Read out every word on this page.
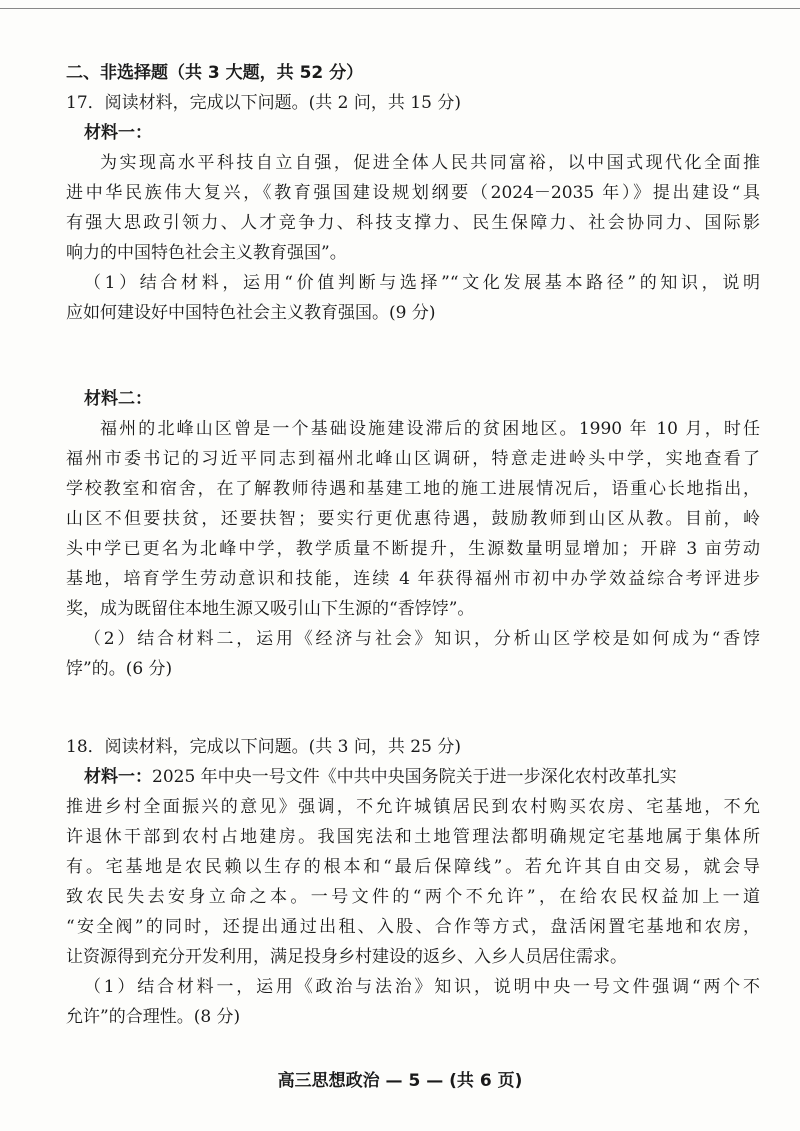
二、非选择题（共 3 大题，共 52 分）
17．阅读材料，完成以下问题。(共 2 问，共 15 分)
材料一：
为实现高水平科技自立自强，促进全体人民共同富裕，以中国式现代化全面推
进中华民族伟大复兴，《教育强国建设规划纲要（2024－2035 年）》提出建设“具
有强大思政引领力、人才竞争力、科技支撑力、民生保障力、社会协同力、国际影
响力的中国特色社会主义教育强国”。
（1）结合材料，运用“价值判断与选择”“文化发展基本路径”的知识，说明
应如何建设好中国特色社会主义教育强国。(9 分)
材料二：
福州的北峰山区曾是一个基础设施建设滞后的贫困地区。1990 年 10 月，时任
福州市委书记的习近平同志到福州北峰山区调研，特意走进岭头中学，实地查看了
学校教室和宿舍，在了解教师待遇和基建工地的施工进展情况后，语重心长地指出，
山区不但要扶贫，还要扶智；要实行更优惠待遇，鼓励教师到山区从教。目前，岭
头中学已更名为北峰中学，教学质量不断提升，生源数量明显增加；开辟 3 亩劳动
基地，培育学生劳动意识和技能，连续 4 年获得福州市初中办学效益综合考评进步
奖，成为既留住本地生源又吸引山下生源的“香饽饽”。
（2）结合材料二，运用《经济与社会》知识，分析山区学校是如何成为“香饽
饽”的。(6 分)
18．阅读材料，完成以下问题。(共 3 问，共 25 分)
材料一：2025 年中央一号文件《中共中央国务院关于进一步深化农村改革扎实
推进乡村全面振兴的意见》强调，不允许城镇居民到农村购买农房、宅基地，不允
许退休干部到农村占地建房。我国宪法和土地管理法都明确规定宅基地属于集体所
有。宅基地是农民赖以生存的根本和“最后保障线”。若允许其自由交易，就会导
致农民失去安身立命之本。一号文件的“两个不允许”，在给农民权益加上一道
“安全阀”的同时，还提出通过出租、入股、合作等方式，盘活闲置宅基地和农房，
让资源得到充分开发利用，满足投身乡村建设的返乡、入乡人员居住需求。
（1）结合材料一，运用《政治与法治》知识，说明中央一号文件强调“两个不
允许”的合理性。(8 分)
高三思想政治 — 5 — (共 6 页)
